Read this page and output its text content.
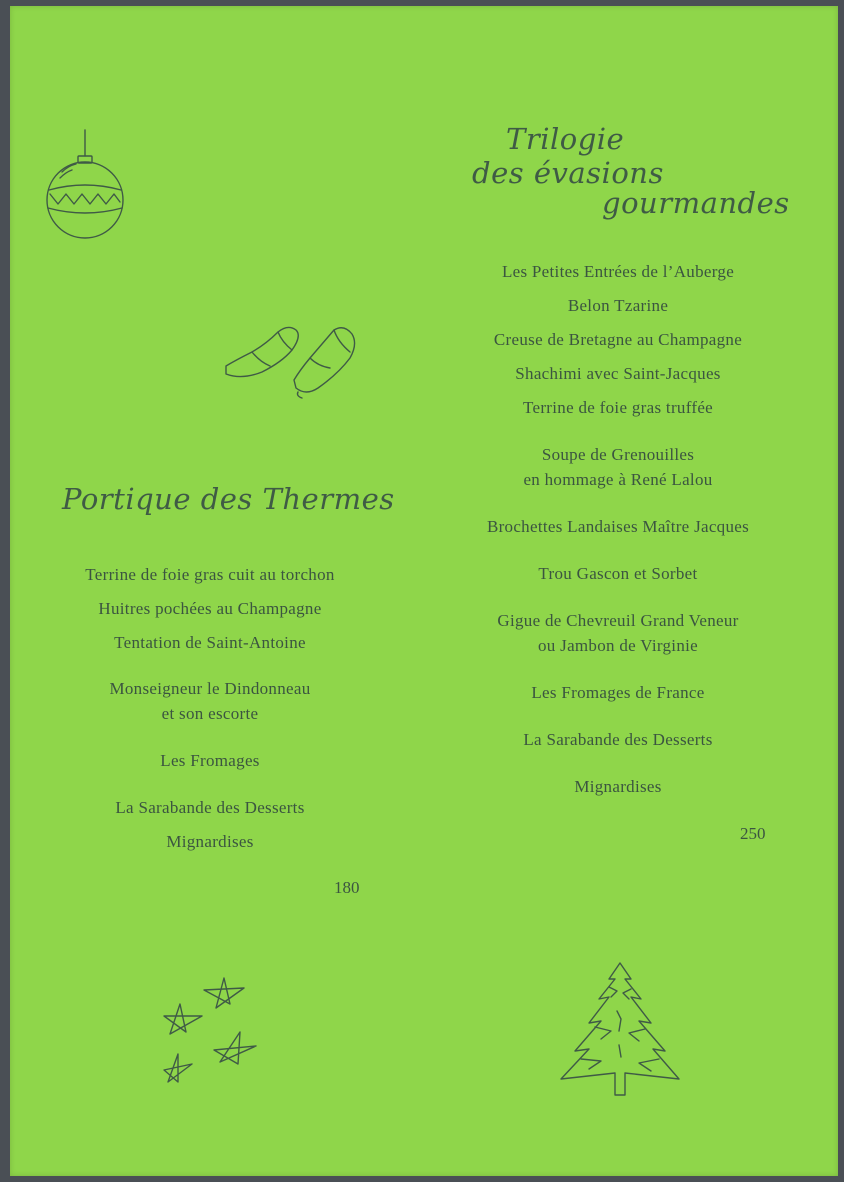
Portique des Thermes
Terrine de foie gras cuit au torchon
Huitres pochées au Champagne
Tentation de Saint-Antoine
Monseigneur le Dindonneau
et son escorte
Les Fromages
La Sarabande des Desserts
Mignardises
180
Trilogie
des évasions
gourmandes
Les Petites Entrées de l’Auberge
Belon Tzarine
Creuse de Bretagne au Champagne
Shachimi avec Saint-Jacques
Terrine de foie gras truffée
Soupe de Grenouilles
en hommage à René Lalou
Brochettes Landaises Maître Jacques
Trou Gascon et Sorbet
Gigue de Chevreuil Grand Veneur
ou Jambon de Virginie
Les Fromages de France
La Sarabande des Desserts
Mignardises
250
